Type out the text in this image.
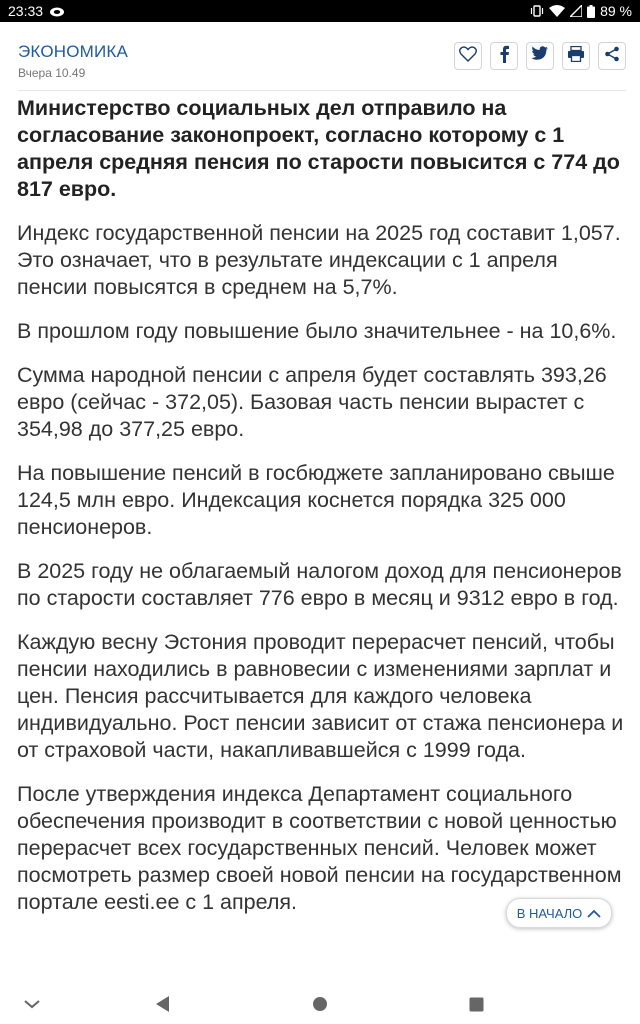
23:33	89 %
ЭКОНОМИКА
Вчера 10.49

Министерство социальных дел отправило на согласование законопроект, согласно которому с 1 апреля средняя пенсия по старости повысится с 774 до 817 евро.

Индекс государственной пенсии на 2025 год составит 1,057. Это означает, что в результате индексации с 1 апреля пенсии повысятся в среднем на 5,7%.

В прошлом году повышение было значительнее - на 10,6%.

Сумма народной пенсии с апреля будет составлять 393,26 евро (сейчас - 372,05). Базовая часть пенсии вырастет с 354,98 до 377,25 евро.

На повышение пенсий в госбюджете запланировано свыше 124,5 млн евро. Индексация коснется порядка 325 000 пенсионеров.

В 2025 году не облагаемый налогом доход для пенсионеров по старости составляет 776 евро в месяц и 9312 евро в год.

Каждую весну Эстония проводит перерасчет пенсий, чтобы пенсии находились в равновесии с изменениями зарплат и цен. Пенсия рассчитывается для каждого человека индивидуально. Рост пенсии зависит от стажа пенсионера и от страховой части, накапливавшейся с 1999 года.

После утверждения индекса Департамент социального обеспечения производит в соответствии с новой ценностью перерасчет всех государственных пенсий. Человек может посмотреть размер своей новой пенсии на государственном портале eesti.ee с 1 апреля.	В НАЧАЛО
